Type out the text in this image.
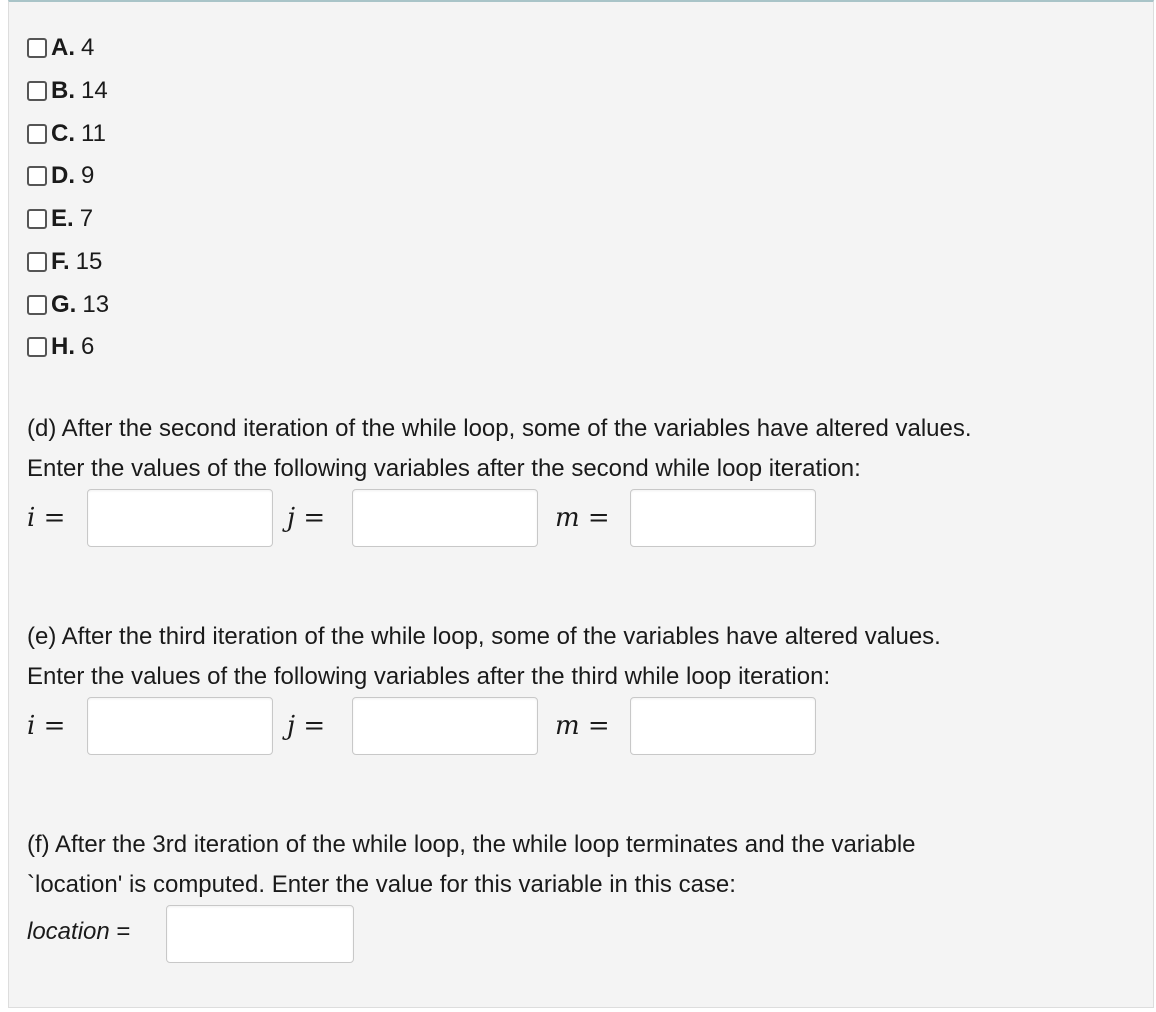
A. 4
B. 14
C. 11
D. 9
E. 7
F. 15
G. 13
H. 6
(d) After the second iteration of the while loop, some of the variables have altered values.
Enter the values of the following variables after the second while loop iteration:
i =	j =	m =
(e) After the third iteration of the while loop, some of the variables have altered values.
Enter the values of the following variables after the third while loop iteration:
i =	j =	m =
(f) After the 3rd iteration of the while loop, the while loop terminates and the variable
`location' is computed. Enter the value for this variable in this case:
location =
